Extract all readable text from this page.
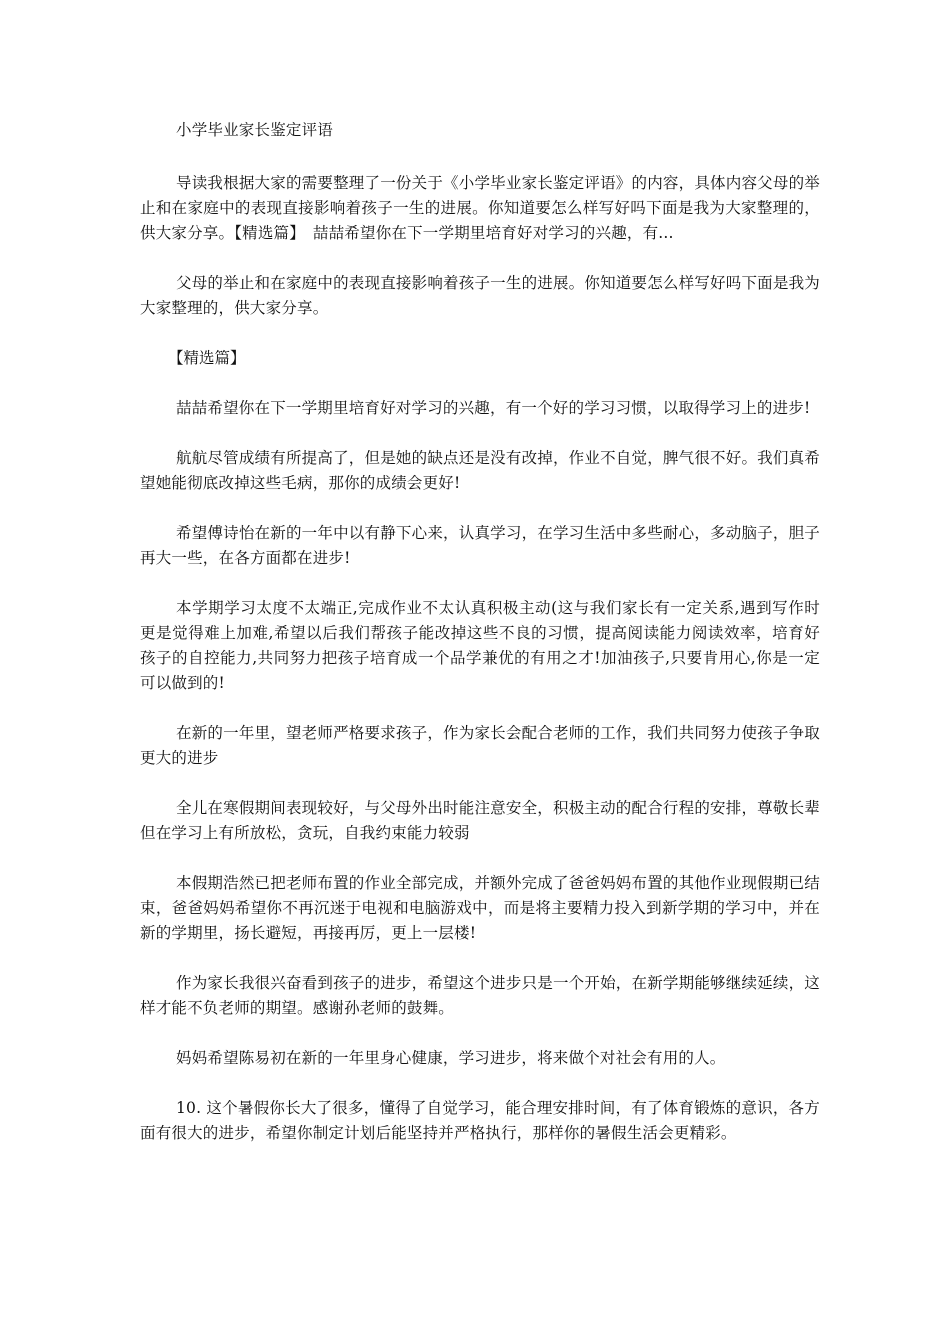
小学毕业家长鉴定评语

导读我根据大家的需要整理了一份关于《小学毕业家长鉴定评语》的内容，具体内容父母的举止和在家庭中的表现直接影响着孩子一生的进展。你知道要怎么样写好吗下面是我为大家整理的，供大家分享。【精选篇】　喆喆希望你在下一学期里培育好对学习的兴趣，有...

父母的举止和在家庭中的表现直接影响着孩子一生的进展。你知道要怎么样写好吗下面是我为大家整理的，供大家分享。

【精选篇】

喆喆希望你在下一学期里培育好对学习的兴趣，有一个好的学习习惯，以取得学习上的进步!

航航尽管成绩有所提高了，但是她的缺点还是没有改掉，作业不自觉，脾气很不好。我们真希望她能彻底改掉这些毛病，那你的成绩会更好!

希望傅诗怡在新的一年中以有静下心来，认真学习，在学习生活中多些耐心，多动脑子，胆子再大一些，在各方面都在进步!

本学期学习太度不太端正,完成作业不太认真积极主动(这与我们家长有一定关系,遇到写作时更是觉得难上加难,希望以后我们帮孩子能改掉这些不良的习惯，提高阅读能力阅读效率，培育好孩子的自控能力,共同努力把孩子培育成一个品学兼优的有用之才!加油孩子,只要肯用心,你是一定可以做到的!

在新的一年里，望老师严格要求孩子，作为家长会配合老师的工作，我们共同努力使孩子争取更大的进步

全儿在寒假期间表现较好，与父母外出时能注意安全，积极主动的配合行程的安排，尊敬长辈但在学习上有所放松，贪玩，自我约束能力较弱

本假期浩然已把老师布置的作业全部完成，并额外完成了爸爸妈妈布置的其他作业现假期已结束，爸爸妈妈希望你不再沉迷于电视和电脑游戏中，而是将主要精力投入到新学期的学习中，并在新的学期里，扬长避短，再接再厉，更上一层楼!

作为家长我很兴奋看到孩子的进步，希望这个进步只是一个开始，在新学期能够继续延续，这样才能不负老师的期望。感谢孙老师的鼓舞。

妈妈希望陈易初在新的一年里身心健康，学习进步，将来做个对社会有用的人。

10. 这个暑假你长大了很多，懂得了自觉学习，能合理安排时间，有了体育锻炼的意识，各方面有很大的进步，希望你制定计划后能坚持并严格执行，那样你的暑假生活会更精彩。
